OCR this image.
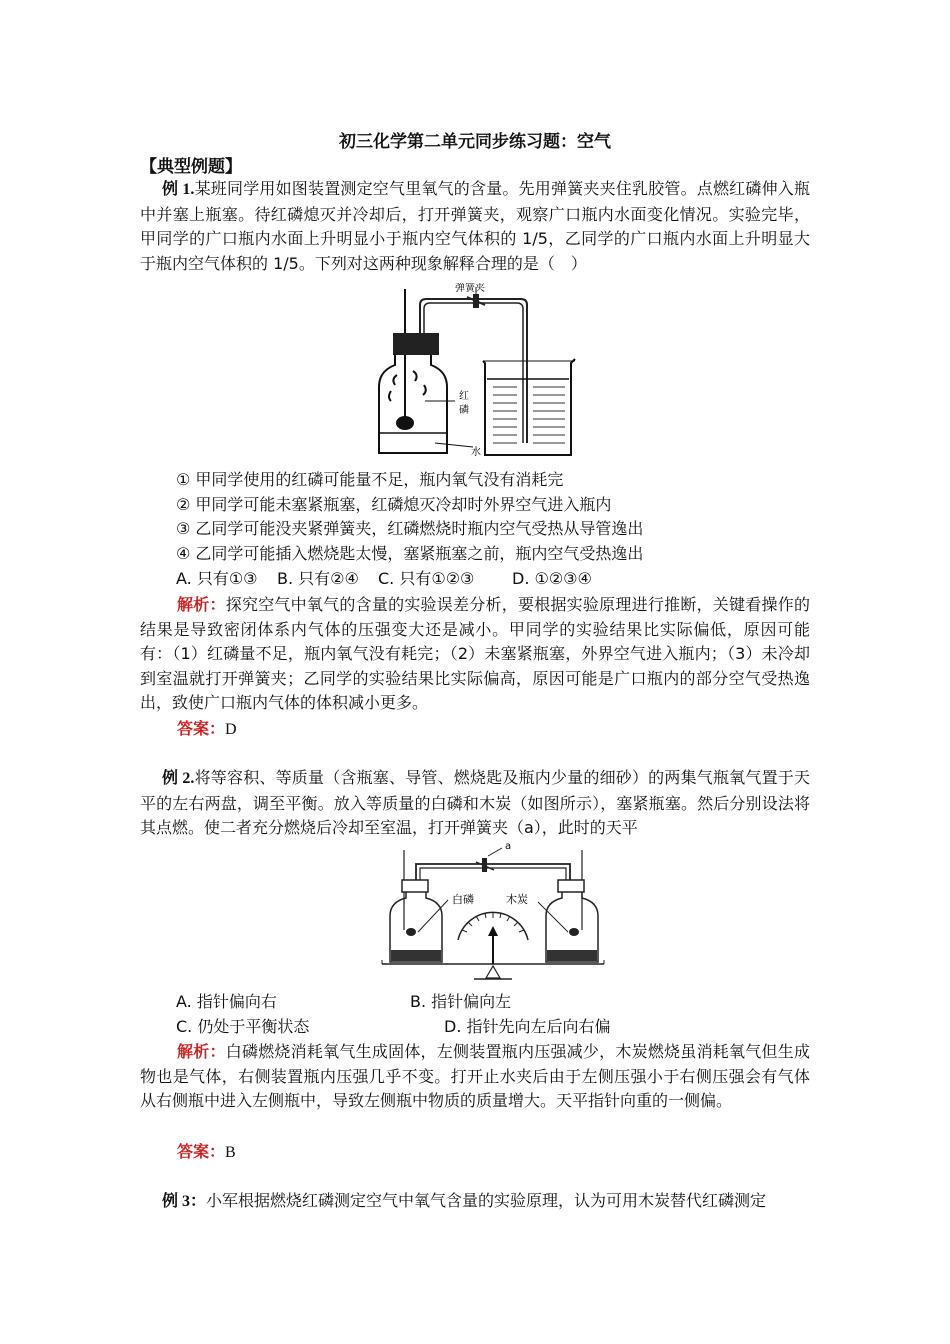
初三化学第二单元同步练习题：空气
【典型例题】
例 1.某班同学用如图装置测定空气里氧气的含量。先用弹簧夹夹住乳胶管。点燃红磷伸入瓶中并塞上瓶塞。待红磷熄灭并冷却后，打开弹簧夹，观察广口瓶内水面变化情况。实验完毕，甲同学的广口瓶内水面上升明显小于瓶内空气体积的 1/5，乙同学的广口瓶内水面上升明显大于瓶内空气体积的 1/5。下列对这两种现象解释合理的是（　）
弹簧夹
红
磷
水
① 甲同学使用的红磷可能量不足，瓶内氧气没有消耗完
② 甲同学可能未塞紧瓶塞，红磷熄灭冷却时外界空气进入瓶内
③ 乙同学可能没夹紧弹簧夹，红磷燃烧时瓶内空气受热从导管逸出
④ 乙同学可能插入燃烧匙太慢，塞紧瓶塞之前，瓶内空气受热逸出
A. 只有①③ B. 只有②④ C. 只有①②③ D. ①②③④
解析：探究空气中氧气的含量的实验误差分析，要根据实验原理进行推断，关键看操作的结果是导致密闭体系内气体的压强变大还是减小。甲同学的实验结果比实际偏低，原因可能有：（1）红磷量不足，瓶内氧气没有耗完；（2）未塞紧瓶塞，外界空气进入瓶内；（3）未冷却到室温就打开弹簧夹；乙同学的实验结果比实际偏高，原因可能是广口瓶内的部分空气受热逸出，致使广口瓶内气体的体积减小更多。
答案：D
例 2.将等容积、等质量（含瓶塞、导管、燃烧匙及瓶内少量的细砂）的两集气瓶氧气置于天平的左右两盘，调至平衡。放入等质量的白磷和木炭（如图所示），塞紧瓶塞。然后分别设法将其点燃。使二者充分燃烧后冷却至室温，打开弹簧夹（a），此时的天平
a
白磷	木炭
A. 指针偏向右	B. 指针偏向左
C. 仍处于平衡状态	D. 指针先向左后向右偏
解析：白磷燃烧消耗氧气生成固体，左侧装置瓶内压强减少，木炭燃烧虽消耗氧气但生成物也是气体，右侧装置瓶内压强几乎不变。打开止水夹后由于左侧压强小于右侧压强会有气体从右侧瓶中进入左侧瓶中，导致左侧瓶中物质的质量增大。天平指针向重的一侧偏。
答案：B
例 3：小军根据燃烧红磷测定空气中氧气含量的实验原理，认为可用木炭替代红磷测定
